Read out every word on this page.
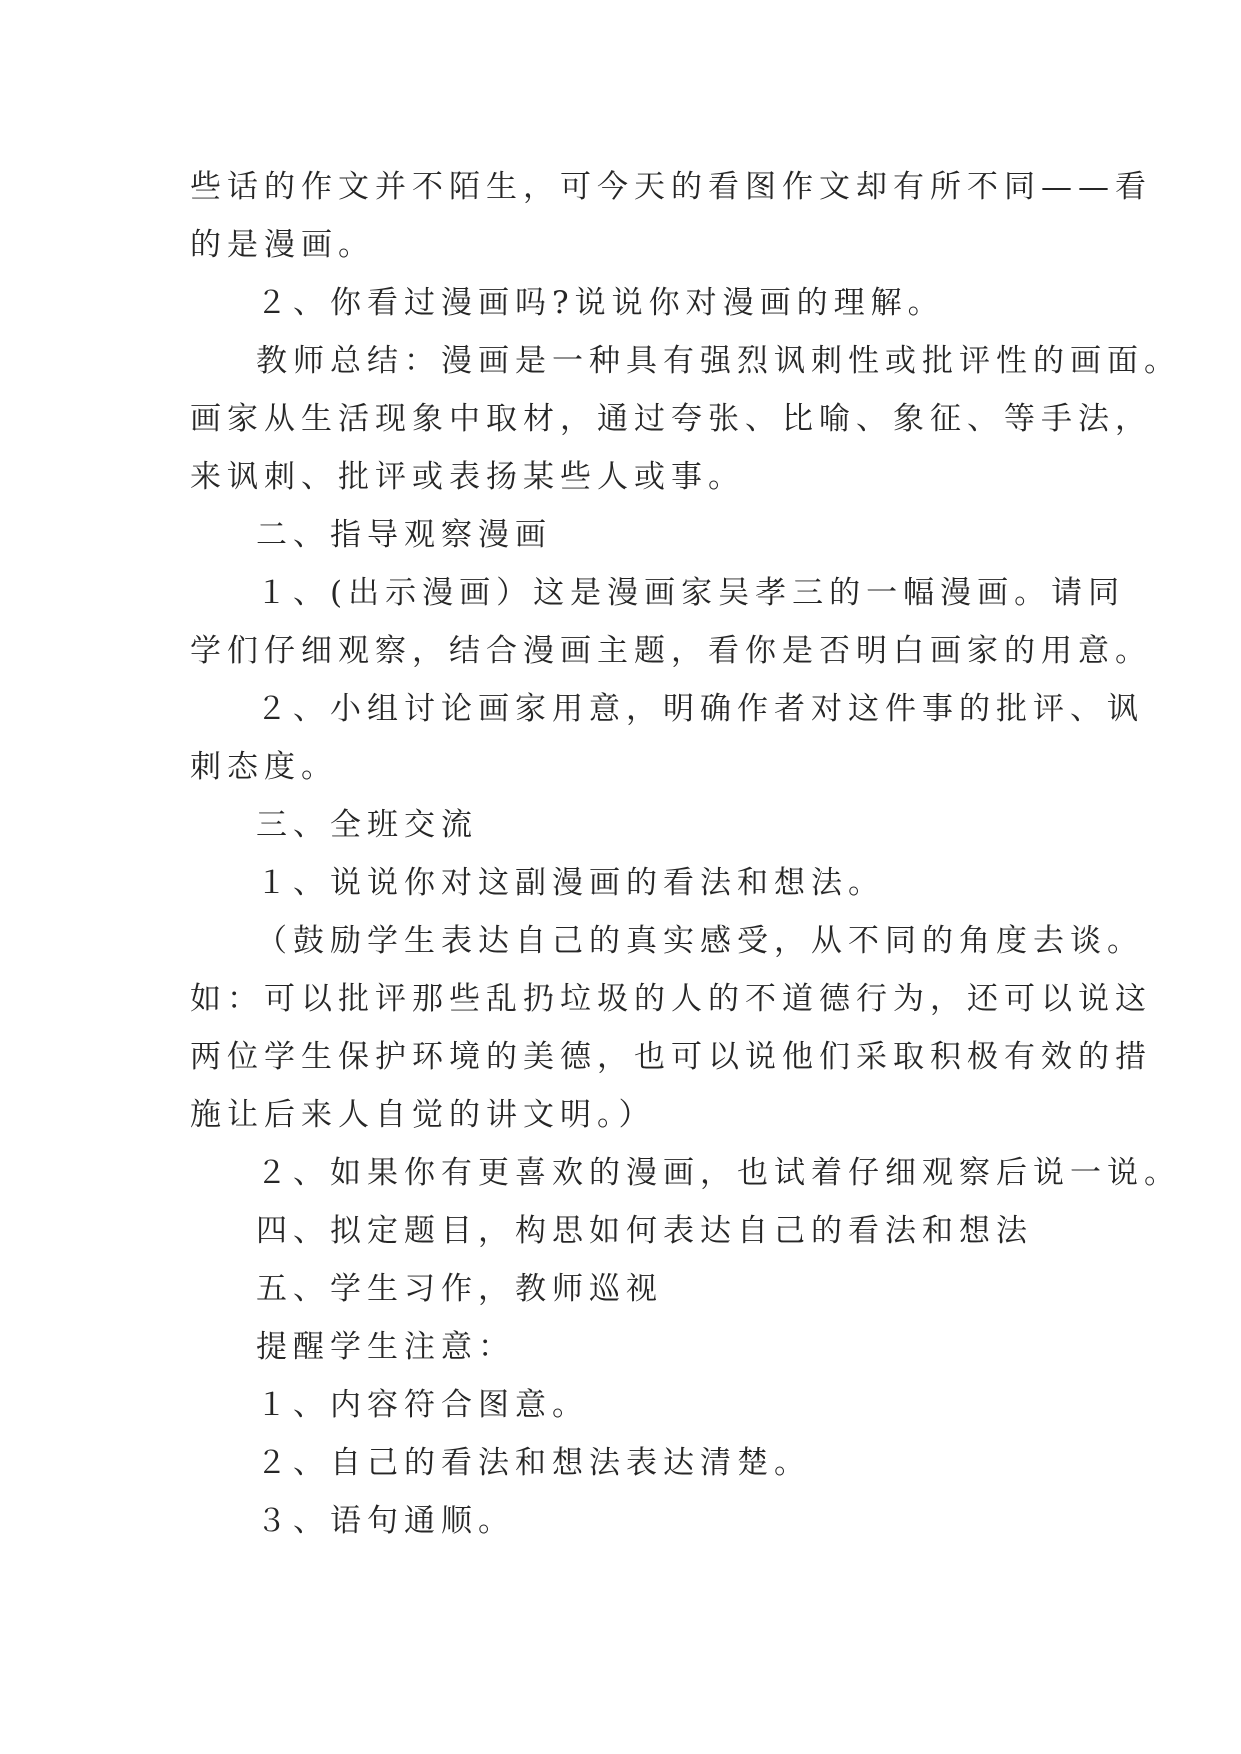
些话的作文并不陌生，可今天的看图作文却有所不同——看
的是漫画。
２、你看过漫画吗?说说你对漫画的理解。
教师总结：漫画是一种具有强烈讽刺性或批评性的画面。
画家从生活现象中取材，通过夸张、比喻、象征、等手法，
来讽刺、批评或表扬某些人或事。
二、指导观察漫画
１、(出示漫画）这是漫画家吴孝三的一幅漫画。请同
学们仔细观察，结合漫画主题，看你是否明白画家的用意。
２、小组讨论画家用意，明确作者对这件事的批评、讽
刺态度。
三、全班交流
１、说说你对这副漫画的看法和想法。
（鼓励学生表达自己的真实感受，从不同的角度去谈。
如：可以批评那些乱扔垃圾的人的不道德行为，还可以说这
两位学生保护环境的美德，也可以说他们采取积极有效的措
施让后来人自觉的讲文明。）
２、如果你有更喜欢的漫画，也试着仔细观察后说一说。
四、拟定题目，构思如何表达自己的看法和想法
五、学生习作，教师巡视
提醒学生注意：
１、内容符合图意。
２、自己的看法和想法表达清楚。
３、语句通顺。
